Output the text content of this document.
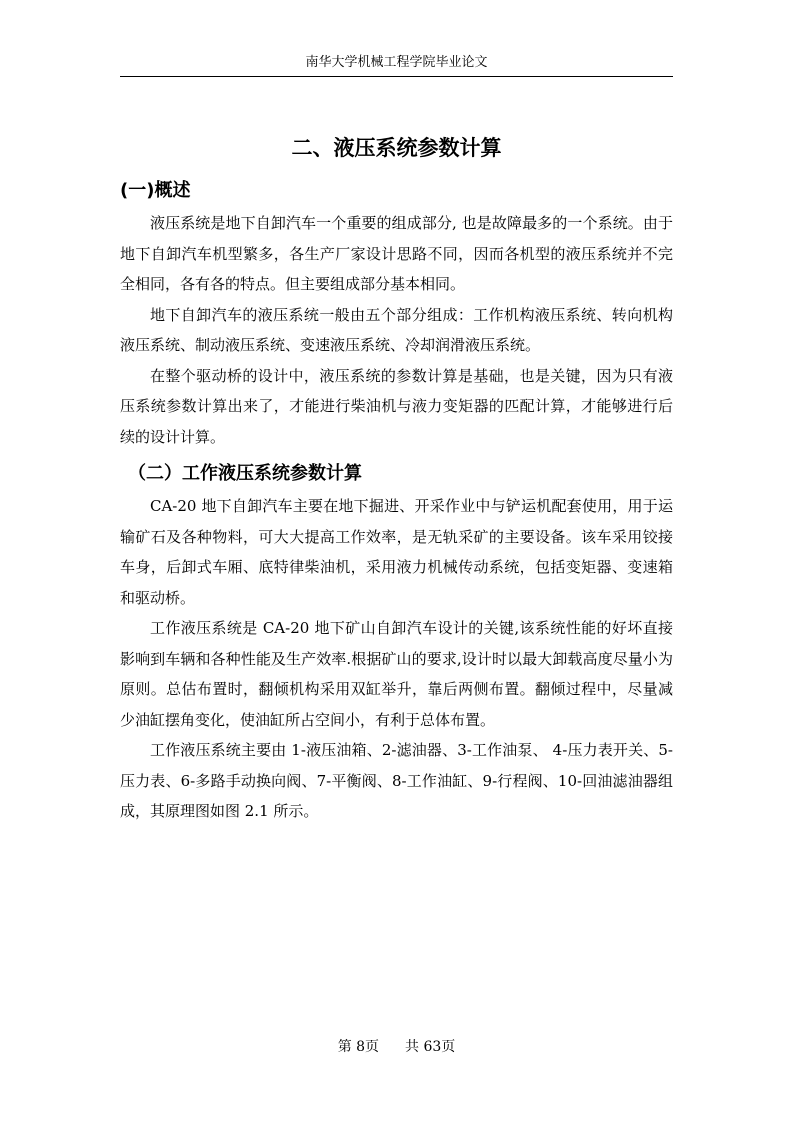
南华大学机械工程学院毕业论文
二、液压系统参数计算
(一)概述

液压系统是地下自卸汽车一个重要的组成部分, 也是故障最多的一个系统。由于地下自卸汽车机型繁多，各生产厂家设计思路不同，因而各机型的液压系统并不完全相同，各有各的特点。但主要组成部分基本相同。

地下自卸汽车的液压系统一般由五个部分组成：工作机构液压系统、转向机构液压系统、制动液压系统、变速液压系统、冷却润滑液压系统。

在整个驱动桥的设计中，液压系统的参数计算是基础，也是关键，因为只有液压系统参数计算出来了，才能进行柴油机与液力变矩器的匹配计算，才能够进行后续的设计计算。

（二）工作液压系统参数计算

CA-20 地下自卸汽车主要在地下掘进、开采作业中与铲运机配套使用，用于运输矿石及各种物料，可大大提高工作效率，是无轨采矿的主要设备。该车采用铰接车身，后卸式车厢、底特律柴油机，采用液力机械传动系统，包括变矩器、变速箱和驱动桥。

工作液压系统是 CA-20 地下矿山自卸汽车设计的关键,该系统性能的好坏直接影响到车辆和各种性能及生产效率.根据矿山的要求,设计时以最大卸载高度尽量小为原则。总估布置时，翻倾机构采用双缸举升，靠后两侧布置。翻倾过程中，尽量减少油缸摆角变化，使油缸所占空间小，有利于总体布置。

工作液压系统主要由 1-液压油箱、2-滤油器、3-工作油泵、 4-压力表开关、5-压力表、6-多路手动换向阀、7-平衡阀、8-工作油缸、9-行程阀、10-回油滤油器组成，其原理图如图 2.1 所示。

第 8页 共 63页
